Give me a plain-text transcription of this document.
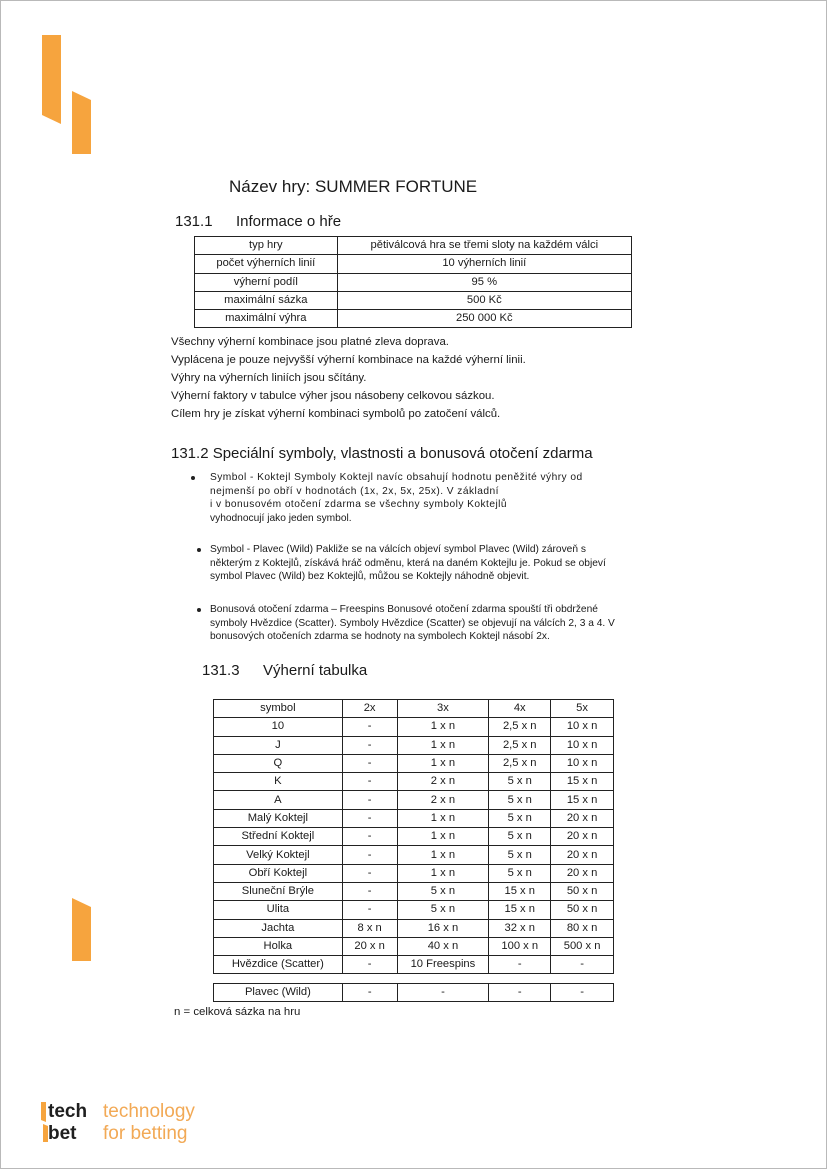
Název hry: SUMMER FORTUNE
131.1 Informace o hře
typ hry	pětiválcová hra se třemi sloty na každém válci
počet výherních linií	10 výherních linií
výherní podíl	95 %
maximální sázka	500 Kč
maximální výhra	250 000 Kč
Všechny výherní kombinace jsou platné zleva doprava.
Vyplácena je pouze nejvyšší výherní kombinace na každé výherní linii.
Výhry na výherních liniích jsou sčítány.
Výherní faktory v tabulce výher jsou násobeny celkovou sázkou.
Cílem hry je získat výherní kombinaci symbolů po zatočení válců.
131.2 Speciální symboly, vlastnosti a bonusová otočení zdarma
Symbol - Koktejl Symboly Koktejl navíc obsahují hodnotu peněžité výhry od
nejmenší po obří v hodnotách (1x, 2x, 5x, 25x). V základní
i v bonusovém otočení zdarma se všechny symboly Koktejlů
vyhodnocují jako jeden symbol.
Symbol - Plavec (Wild) Pakliže se na válcích objeví symbol Plavec (Wild) zároveň s
některým z Koktejlů, získává hráč odměnu, která na daném Koktejlu je. Pokud se objeví
symbol Plavec (Wild) bez Koktejlů, můžou se Koktejly náhodně objevit.
Bonusová otočení zdarma – Freespins Bonusové otočení zdarma spouští tři obdržené
symboly Hvězdice (Scatter). Symboly Hvězdice (Scatter) se objevují na válcích 2, 3 a 4. V
bonusových otočeních zdarma se hodnoty na symbolech Koktejl násobí 2x.
131.3 Výherní tabulka
symbol	2x	3x	4x	5x
10	-	1 x n	2,5 x n	10 x n
J	-	1 x n	2,5 x n	10 x n
Q	-	1 x n	2,5 x n	10 x n
K	-	2 x n	5 x n	15 x n
A	-	2 x n	5 x n	15 x n
Malý Koktejl	-	1 x n	5 x n	20 x n
Střední Koktejl	-	1 x n	5 x n	20 x n
Velký Koktejl	-	1 x n	5 x n	20 x n
Obří Koktejl	-	1 x n	5 x n	20 x n
Sluneční Brýle	-	5 x n	15 x n	50 x n
Ulita	-	5 x n	15 x n	50 x n
Jachta	8 x n	16 x n	32 x n	80 x n
Holka	20 x n	40 x n	100 x n	500 x n
Hvězdice (Scatter)	-	10 Freespins	-	-
Plavec (Wild)	-	-	-	-
n = celková sázka na hru
tech
bet
technology
for betting
